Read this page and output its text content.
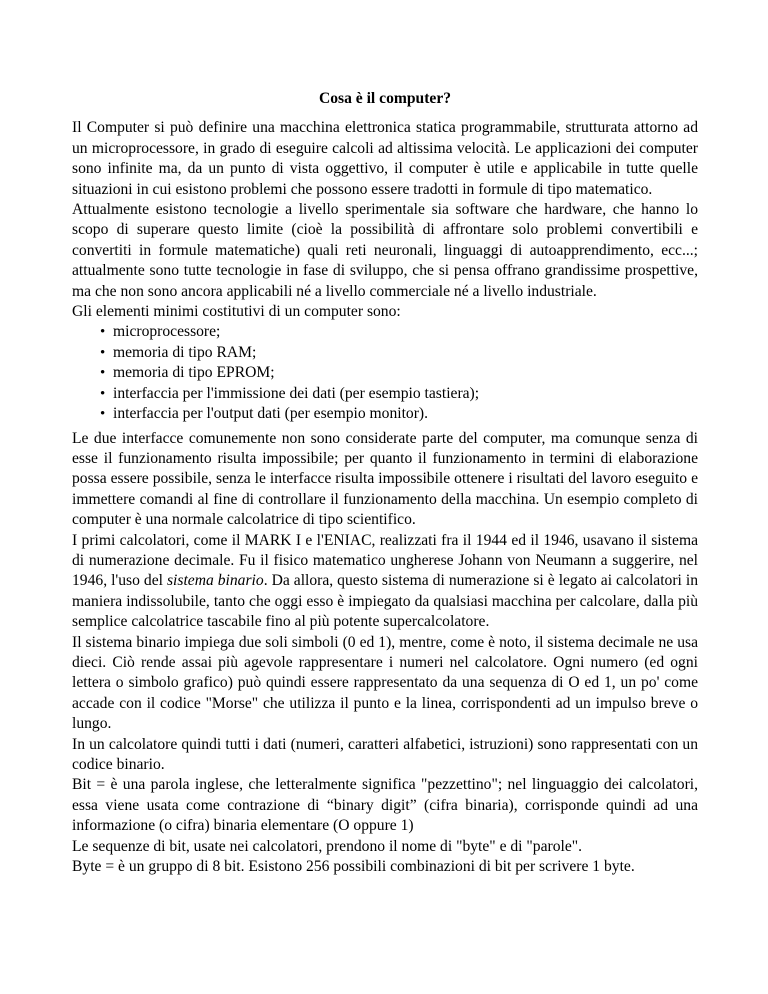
Cosa è il computer?

Il Computer si può definire una macchina elettronica statica programmabile, strutturata attorno ad un microprocessore, in grado di eseguire calcoli ad altissima velocità. Le applicazioni dei computer sono infinite ma, da un punto di vista oggettivo, il computer è utile e applicabile in tutte quelle situazioni in cui esistono problemi che possono essere tradotti in formule di tipo matematico.

Attualmente esistono tecnologie a livello sperimentale sia software che hardware, che hanno lo scopo di superare questo limite (cioè la possibilità di affrontare solo problemi convertibili e convertiti in formule matematiche) quali reti neuronali, linguaggi di autoapprendimento, ecc...; attualmente sono tutte tecnologie in fase di sviluppo, che si pensa offrano grandissime prospettive, ma che non sono ancora applicabili né a livello commerciale né a livello industriale.

Gli elementi minimi costitutivi di un computer sono:

• microprocessore;
• memoria di tipo RAM;
• memoria di tipo EPROM;
• interfaccia per l'immissione dei dati (per esempio tastiera);
• interfaccia per l'output dati (per esempio monitor).

Le due interfacce comunemente non sono considerate parte del computer, ma comunque senza di esse il funzionamento risulta impossibile; per quanto il funzionamento in termini di elaborazione possa essere possibile, senza le interfacce risulta impossibile ottenere i risultati del lavoro eseguito e immettere comandi al fine di controllare il funzionamento della macchina. Un esempio completo di computer è una normale calcolatrice di tipo scientifico.

I primi calcolatori, come il MARK I e l'ENIAC, realizzati fra il 1944 ed il 1946, usavano il sistema di numerazione decimale. Fu il fisico matematico ungherese Johann von Neumann a suggerire, nel 1946, l'uso del sistema binario. Da allora, questo sistema di numerazione si è legato ai calcolatori in maniera indissolubile, tanto che oggi esso è impiegato da qualsiasi macchina per calcolare, dalla più semplice calcolatrice tascabile fino al più potente supercalcolatore.

Il sistema binario impiega due soli simboli (0 ed 1), mentre, come è noto, il sistema decimale ne usa dieci. Ciò rende assai più agevole rappresentare i numeri nel calcolatore. Ogni numero (ed ogni lettera o simbolo grafico) può quindi essere rappresentato da una sequenza di O ed 1, un po' come accade con il codice "Morse" che utilizza il punto e la linea, corrispondenti ad un impulso breve o lungo.

In un calcolatore quindi tutti i dati (numeri, caratteri alfabetici, istruzioni) sono rappresentati con un codice binario.

Bit = è una parola inglese, che letteralmente significa "pezzettino"; nel linguaggio dei calcolatori, essa viene usata come contrazione di “binary digit” (cifra binaria), corrisponde quindi ad una informazione (o cifra) binaria elementare (O oppure 1)

Le sequenze di bit, usate nei calcolatori, prendono il nome di "byte" e di "parole".

Byte = è un gruppo di 8 bit. Esistono 256 possibili combinazioni di bit per scrivere 1 byte.
